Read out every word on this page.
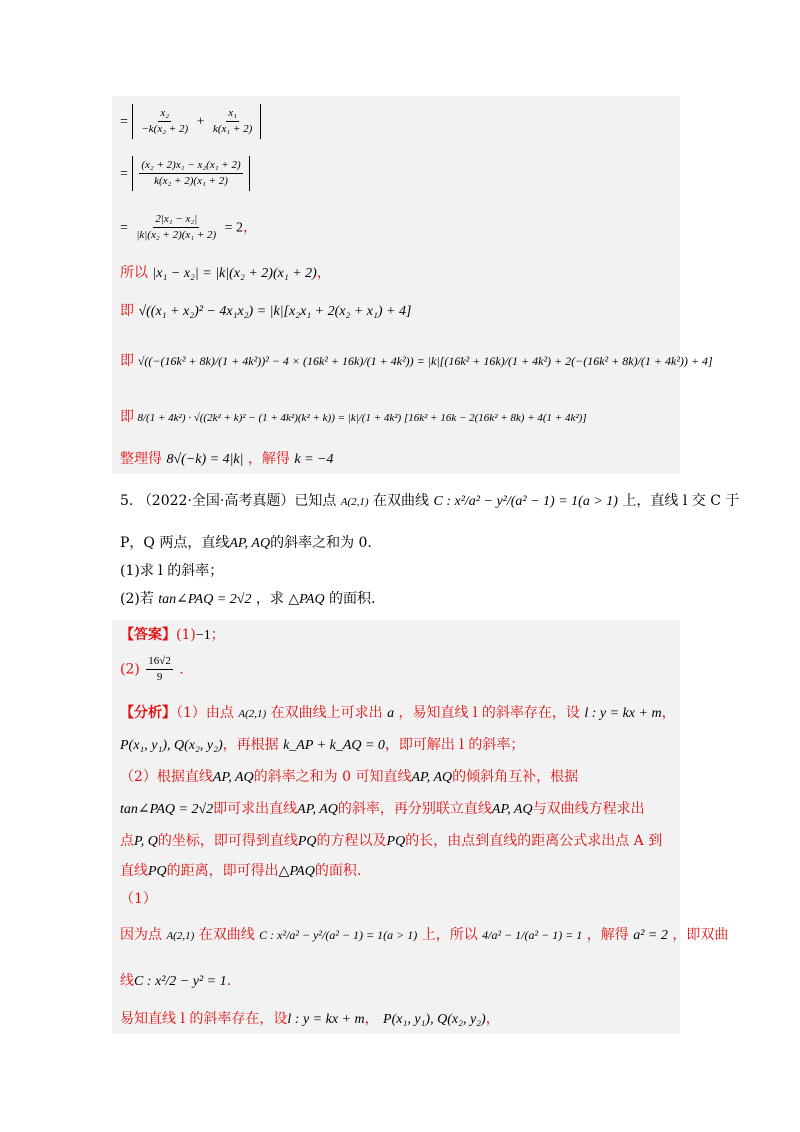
= $\frac{\text{x₂}}{\text{−k(x₂ + 2)}} + \frac{\text{x₁}}{\text{k(x₁ + 2)}}$
= $\frac{\text{(x₂ + 2)x₁ − x₂(x₁ + 2)}}{\text{k(x₂ + 2)(x₁ + 2)}}$
= $\frac{\text{2|x₁ − x₂|}}{\text{|k|(x₂ + 2)(x₁ + 2)}} = 2$，
所以 |x₁ − x₂| = |k|(x₂ + 2)(x₁ + 2)，
即 √((x₁ + x₂)² − 4x₁x₂) = |k|[x₂x₁ + 2(x₂ + x₁) + 4]
即 √((−(16k² + 8k)/(1 + 4k²))² − 4 × (16k² + 16k)/(1 + 4k²)) = |k|[(16k² + 16k)/(1 + 4k²) + 2(−(16k² + 8k)/(1 + 4k²)) + 4]
即 8/(1 + 4k²) · √((2k² + k)² − (1 + 4k²)(k² + k)) = |k|/(1 + 4k²) [16k² + 16k − 2(16k² + 8k) + 4(1 + 4k²)]
整理得 8√(−k) = 4|k| ，解得 k = −4
5. （2022·全国·高考真题）已知点 A(2,1) 在双曲线 C : x²/a² − y²/(a² − 1) = 1(a > 1) 上，直线 l 交 C 于
P，Q 两点，直线AP, AQ的斜率之和为 0.
(1)求 l 的斜率；
(2)若 tan∠PAQ = 2√2 ，求 △PAQ 的面积.
【答案】(1)−1；
$(2) \frac{16√2}{9}$ .
【分析】（1）由点 A(2,1) 在双曲线上可求出 a ，易知直线 l 的斜率存在，设 l : y = kx + m，
P(x₁, y₁), Q(x₂, y₂)，再根据 k_AP + k_AQ = 0，即可解出 l 的斜率；
（2）根据直线AP, AQ的斜率之和为 0 可知直线AP, AQ的倾斜角互补，根据
tan∠PAQ = 2√2即可求出直线AP, AQ的斜率，再分别联立直线AP, AQ与双曲线方程求出
点P, Q的坐标，即可得到直线PQ的方程以及PQ的长，由点到直线的距离公式求出点 A 到
直线PQ的距离，即可得出△PAQ的面积.
（1）
因为点 A(2,1) 在双曲线 C : x²/a² − y²/(a² − 1) = 1(a > 1) 上，所以 4/a² − 1/(a² − 1) = 1 ，解得 a² = 2 ，即双曲
线C : x²/2 − y² = 1.
易知直线 l 的斜率存在，设l : y = kx + m， P(x₁, y₁), Q(x₂, y₂)，
